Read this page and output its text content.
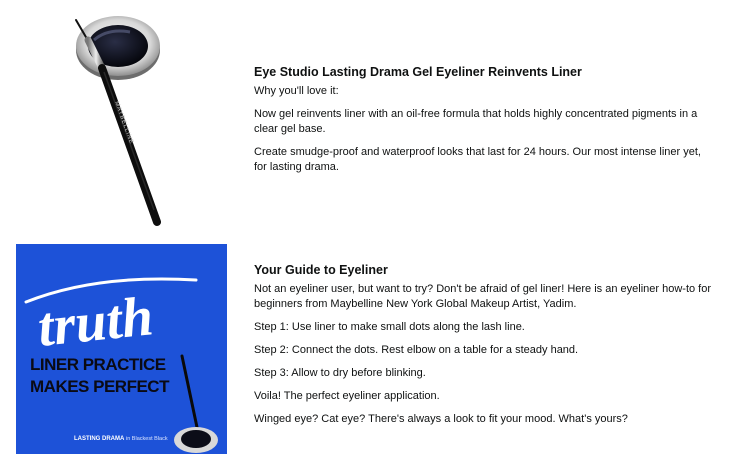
MAYBELLINE
Eye Studio Lasting Drama Gel Eyeliner Reinvents Liner

Why you'll love it:

Now gel reinvents liner with an oil-free formula that holds highly concentrated pigments in a clear gel base.

Create smudge-proof and waterproof looks that last for 24 hours. Our most intense liner yet, for lasting drama.

truth
LINER PRACTICE
MAKES PERFECT
LASTING DRAMA in Blackest Black
Your Guide to Eyeliner

Not an eyeliner user, but want to try? Don't be afraid of gel liner! Here is an eyeliner how-to for beginners from Maybelline New York Global Makeup Artist, Yadim.

Step 1: Use liner to make small dots along the lash line.

Step 2: Connect the dots. Rest elbow on a table for a steady hand.

Step 3: Allow to dry before blinking.

Voila! The perfect eyeliner application.

Winged eye? Cat eye? There's always a look to fit your mood. What's yours?
